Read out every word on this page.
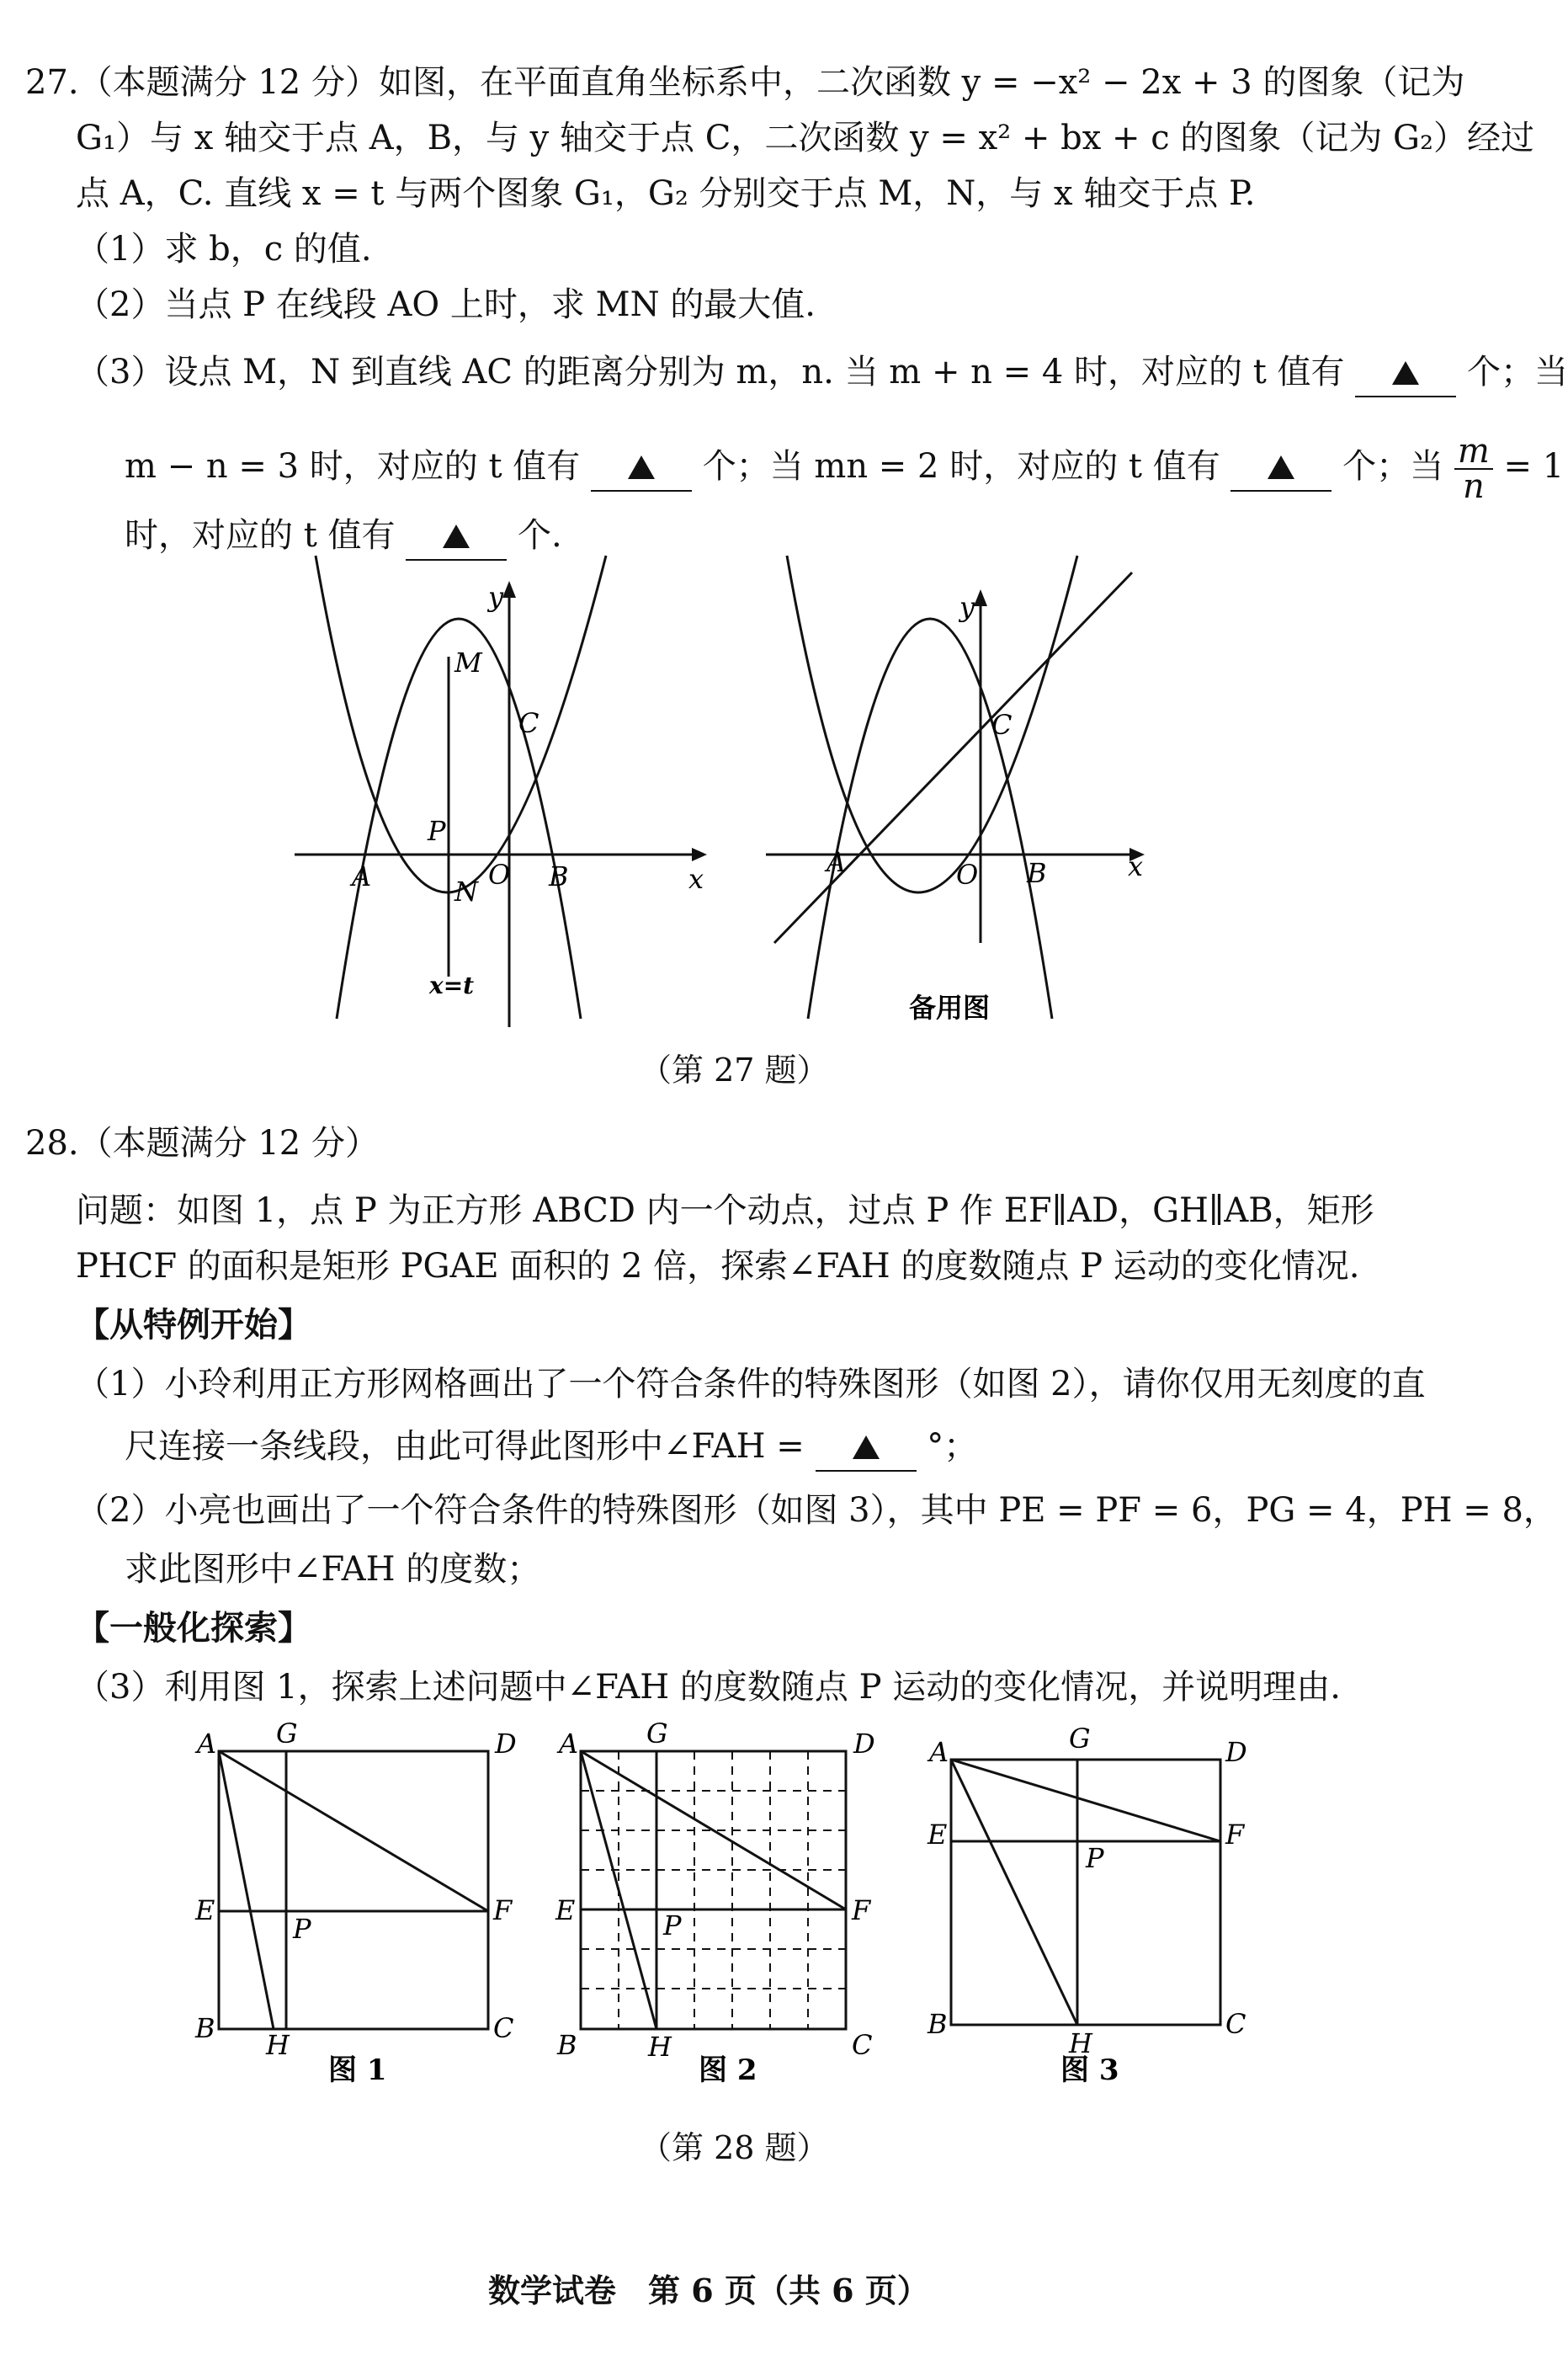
27.（本题满分 12 分）如图，在平面直角坐标系中，二次函数 y = −x² − 2x + 3 的图象（记为
G₁）与 x 轴交于点 A，B，与 y 轴交于点 C，二次函数 y = x² + bx + c 的图象（记为 G₂）经过
点 A，C. 直线 x = t 与两个图象 G₁，G₂ 分别交于点 M，N，与 x 轴交于点 P.
（1）求 b，c 的值.
（2）当点 P 在线段 AO 上时，求 MN 的最大值.
（3）设点 M，N 到直线 AC 的距离分别为 m，n. 当 m + n = 4 时，对应的 t 值有	个；当
m − n = 3 时，对应的 t 值有	个；当 mn = 2 时，对应的 t 值有	个；当 $\frac{m}{n} = 1$
时，对应的 t 值有	个.
y
x
M
C
P
A	O B
N
x=t
y
x
C
A	O B
备用图
（第 27 题）
28.（本题满分 12 分）
问题：如图 1，点 P 为正方形 ABCD 内一个动点，过点 P 作 EF∥AD，GH∥AB，矩形
PHCF 的面积是矩形 PGAE 面积的 2 倍，探索∠FAH 的度数随点 P 运动的变化情况.
【从特例开始】
（1）小玲利用正方形网格画出了一个符合条件的特殊图形（如图 2），请你仅用无刻度的直
尺连接一条线段，由此可得此图形中∠FAH =	°；
（2）小亮也画出了一个符合条件的特殊图形（如图 3），其中 PE = PF = 6，PG = 4，PH = 8，
求此图形中∠FAH 的度数；
【一般化探索】
（3）利用图 1，探索上述问题中∠FAH 的度数随点 P 运动的变化情况，并说明理由.
A G	D
E	F
P
B
H
C
图 1
A	G	D
E	F
P
B	H	C
图 2
A	G	D
E	F
P
B
H
C
图 3
（第 28 题）
数学试卷　第 6 页（共 6 页）
